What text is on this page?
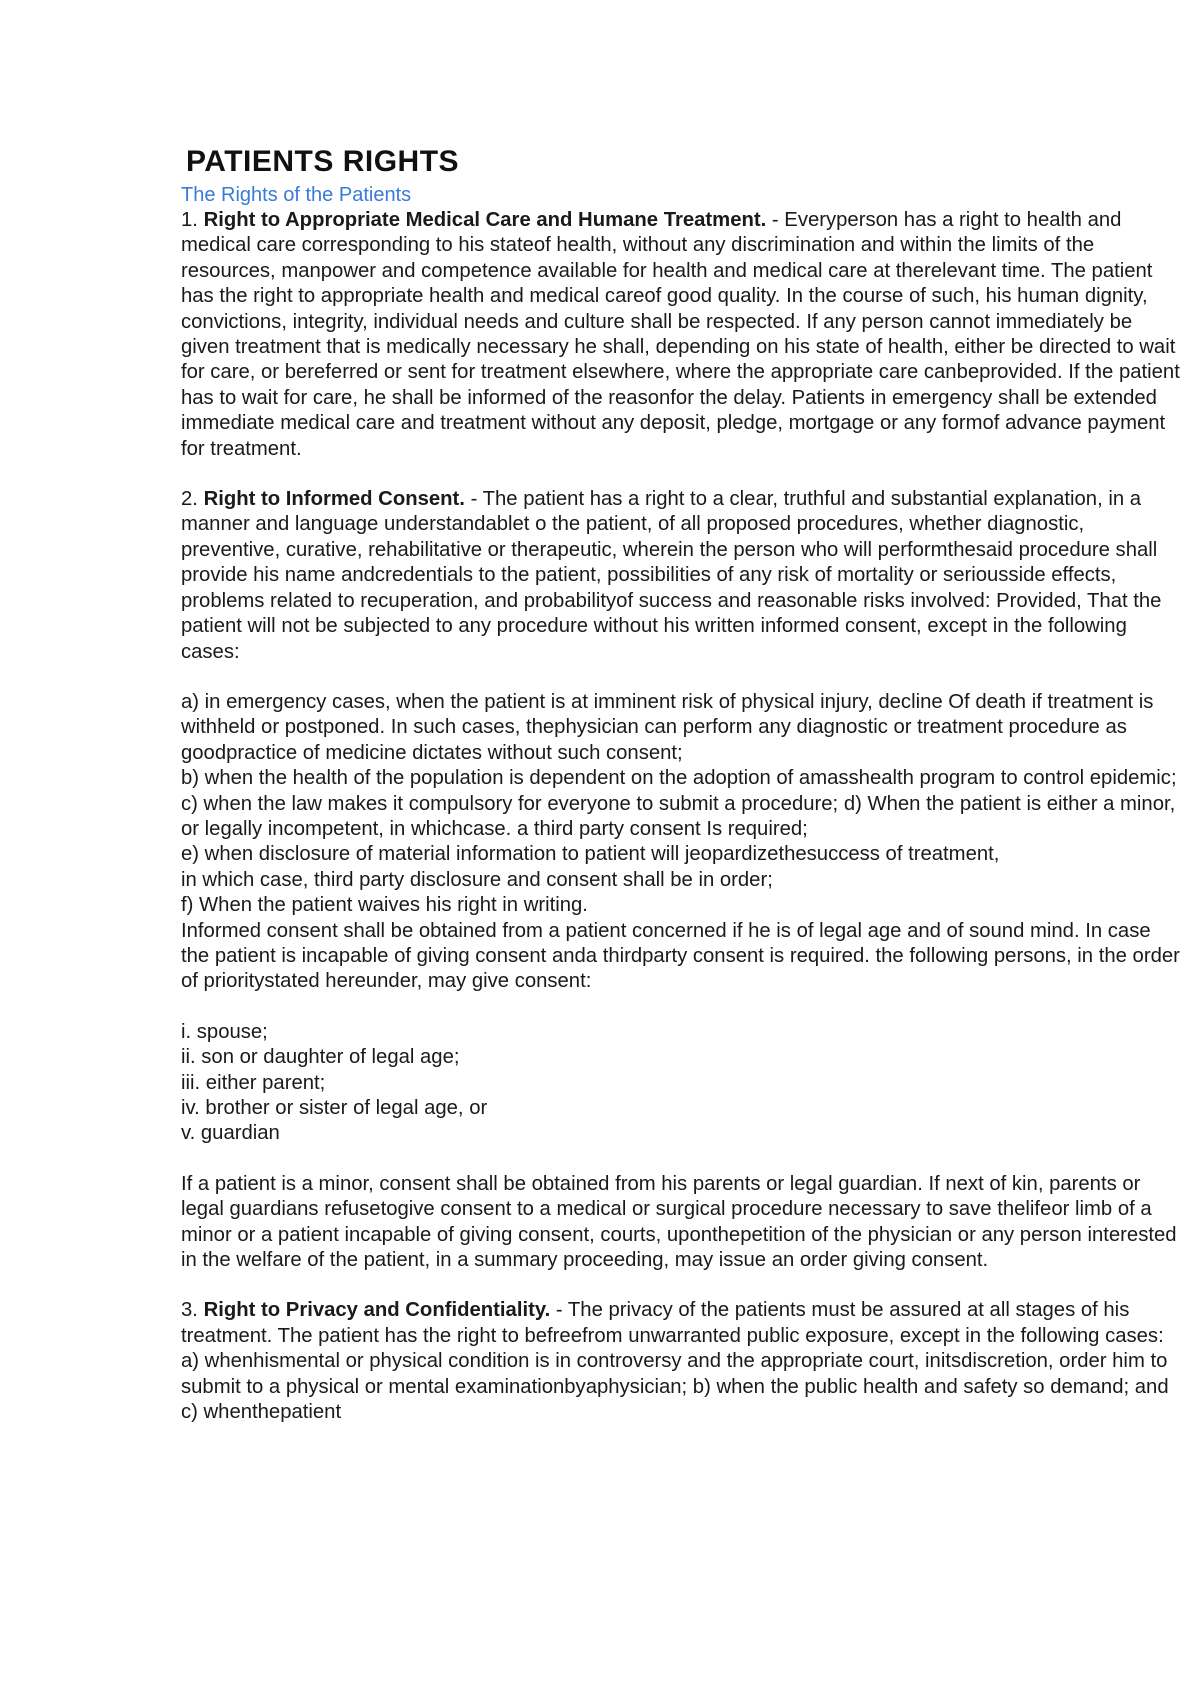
PATIENTS RIGHTS

The Rights of the Patients

1. Right to Appropriate Medical Care and Humane Treatment. - Everyperson has a right to health and medical care corresponding to his stateof health, without any discrimination and within the limits of the resources, manpower and competence available for health and medical care at therelevant time. The patient has the right to appropriate health and medical careof good quality. In the course of such, his human dignity, convictions, integrity, individual needs and culture shall be respected. If any person cannot immediately be given treatment that is medically necessary he shall, depending on his state of health, either be directed to wait for care, or bereferred or sent for treatment elsewhere, where the appropriate care canbeprovided. If the patient has to wait for care, he shall be informed of the reasonfor the delay. Patients in emergency shall be extended immediate medical care and treatment without any deposit, pledge, mortgage or any formof advance payment for treatment.

2. Right to Informed Consent. - The patient has a right to a clear, truthful and substantial explanation, in a manner and language understandablet o the patient, of all proposed procedures, whether diagnostic, preventive, curative, rehabilitative or therapeutic, wherein the person who will performthesaid procedure shall provide his name andcredentials to the patient, possibilities of any risk of mortality or seriousside effects, problems related to recuperation, and probabilityof success and reasonable risks involved: Provided, That the patient will not be subjected to any procedure without his written informed consent, except in the following cases:

a) in emergency cases, when the patient is at imminent risk of physical injury, decline Of death if treatment is withheld or postponed. In such cases, thephysician can perform any diagnostic or treatment procedure as goodpractice of medicine dictates without such consent;
b) when the health of the population is dependent on the adoption of amasshealth program to control epidemic;
c) when the law makes it compulsory for everyone to submit a procedure; d) When the patient is either a minor, or legally incompetent, in whichcase. a third party consent Is required;
e) when disclosure of material information to patient will jeopardizethesuccess of treatment,
in which case, third party disclosure and consent shall be in order;
f) When the patient waives his right in writing.
Informed consent shall be obtained from a patient concerned if he is of legal age and of sound mind. In case the patient is incapable of giving consent anda thirdparty consent is required. the following persons, in the order of prioritystated hereunder, may give consent:

i. spouse;
ii. son or daughter of legal age;
iii. either parent;
iv. brother or sister of legal age, or
v. guardian

If a patient is a minor, consent shall be obtained from his parents or legal guardian. If next of kin, parents or legal guardians refusetogive consent to a medical or surgical procedure necessary to save thelifeor limb of a minor or a patient incapable of giving consent, courts, uponthepetition of the physician or any person interested in the welfare of the patient, in a summary proceeding, may issue an order giving consent.

3. Right to Privacy and Confidentiality. - The privacy of the patients must be assured at all stages of his treatment. The patient has the right to befreefrom unwarranted public exposure, except in the following cases: a) whenhismental or physical condition is in controversy and the appropriate court, initsdiscretion, order him to submit to a physical or mental examinationbyaphysician; b) when the public health and safety so demand; and c) whenthepatient
